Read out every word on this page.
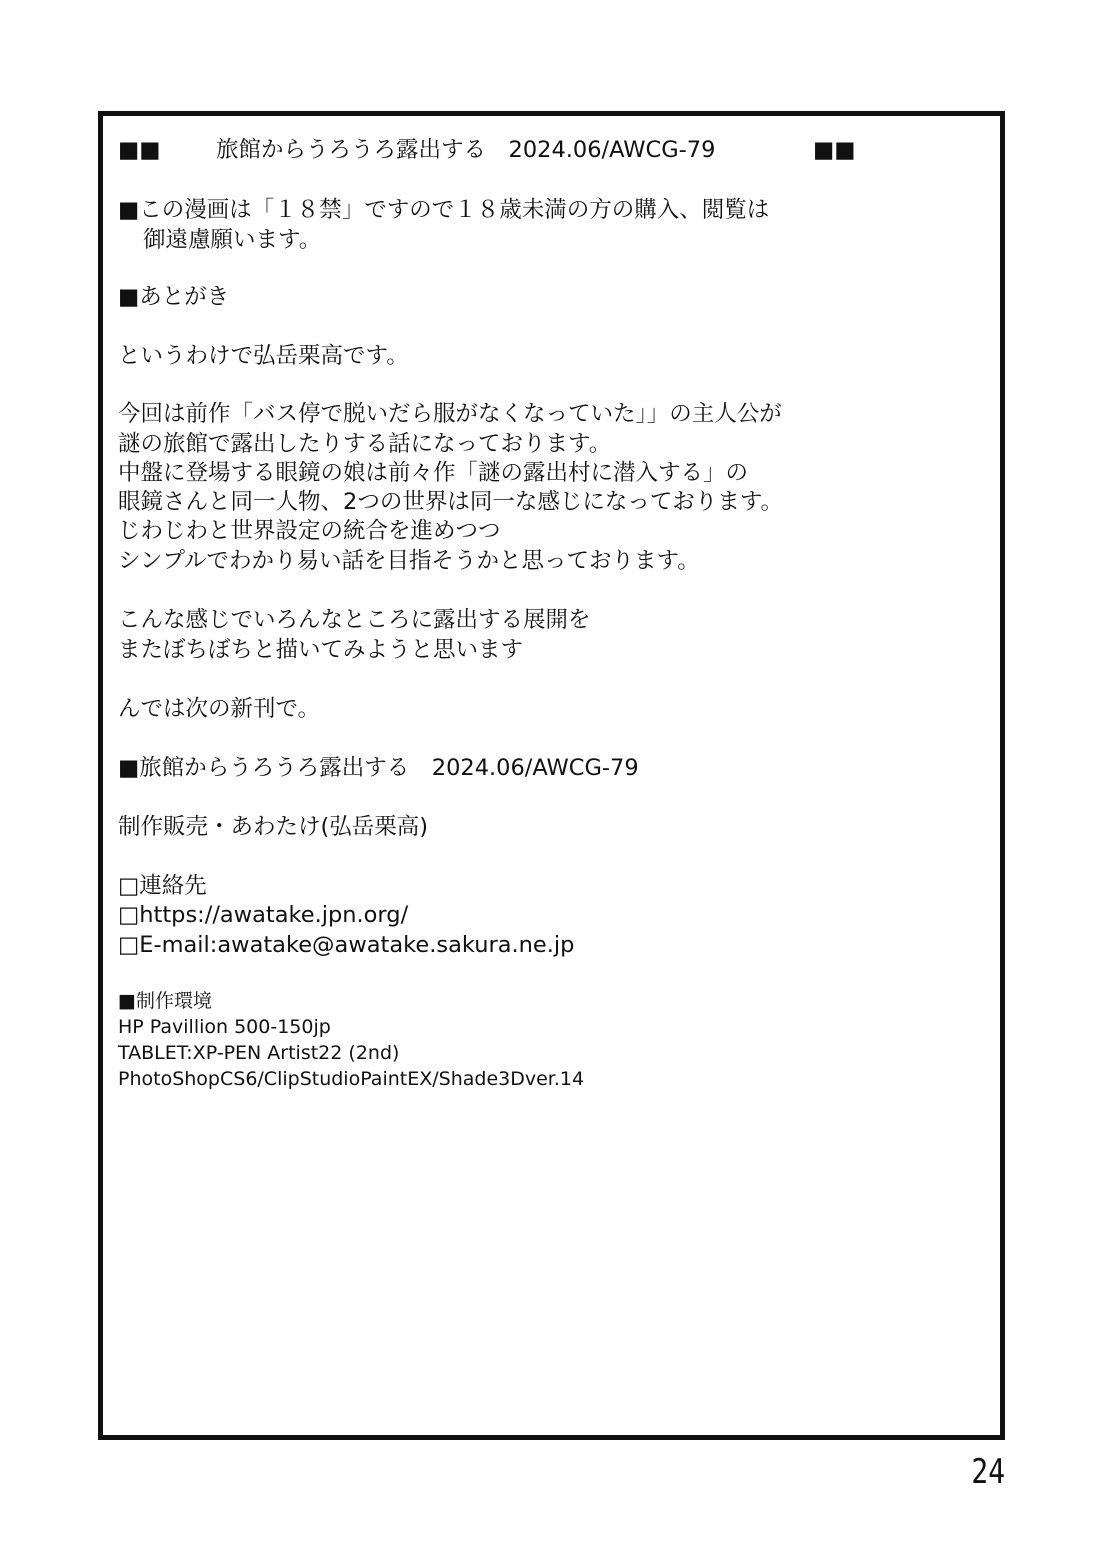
■■ 旅館からうろうろ露出する　2024.06/AWCG-79	■■
■この漫画は「１８禁」ですので１８歳未満の方の購入、閲覧は
御遠慮願います。
■あとがき
というわけで弘岳栗高です。
今回は前作「バス停で脱いだら服がなくなっていた」」の主人公が
謎の旅館で露出したりする話になっております。
中盤に登場する眼鏡の娘は前々作「謎の露出村に潜入する」の
眼鏡さんと同一人物、2つの世界は同一な感じになっております。
じわじわと世界設定の統合を進めつつ
シンプルでわかり易い話を目指そうかと思っております。
こんな感じでいろんなところに露出する展開を
またぼちぼちと描いてみようと思います
んでは次の新刊で。
■旅館からうろうろ露出する　2024.06/AWCG-79
制作販売・あわたけ(弘岳栗高)
□連絡先
□https://awatake.jpn.org/
□E-mail:awatake@awatake.sakura.ne.jp
■制作環境
HP Pavillion 500-150jp
TABLET:XP-PEN Artist22 (2nd)
PhotoShopCS6/ClipStudioPaintEX/Shade3Dver.14
24
